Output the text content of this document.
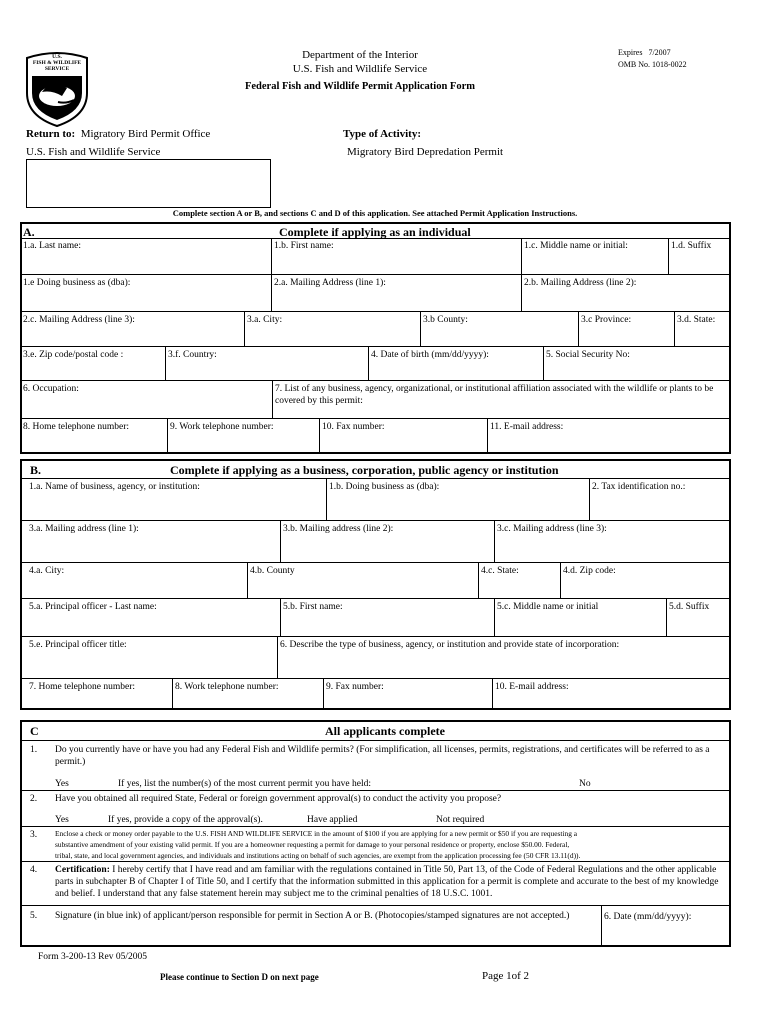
U.S.
FISH & WILDLIFE
SERVICE
Department of the Interior
U.S. Fish and Wildlife Service
Federal Fish and Wildlife Permit Application Form
Expires 7/2007
OMB No. 1018-0022
Return to: Migratory Bird Permit Office
U.S. Fish and Wildlife Service
Type of Activity:
Migratory Bird Depredation Permit
Complete section A or B, and sections C and D of this application. See attached Permit Application Instructions.
A.	Complete if applying as an individual
1.a. Last name:	1.b. First name:	1.c. Middle name or initial:	1.d. Suffix
1.e Doing business as (dba):	2.a. Mailing Address (line 1):	2.b. Mailing Address (line 2):
2.c. Mailing Address (line 3):	3.a. City:	3.b County:	3.c Province:	3.d. State:
3.e. Zip code/postal code :	3.f. Country:	4. Date of birth (mm/dd/yyyy):	5. Social Security No:
6. Occupation:	7. List of any business, agency, organizational, or institutional affiliation associated with the wildlife or plants to be covered by this permit:
8. Home telephone number:	9. Work telephone number:	10. Fax number:	11. E-mail address:
B.	Complete if applying as a business, corporation, public agency or institution
1.a. Name of business, agency, or institution:	1.b. Doing business as (dba):	2. Tax identification no.:
3.a. Mailing address (line 1):	3.b. Mailing address (line 2):	3.c. Mailing address (line 3):
4.a. City:	4.b. County	4.c. State:	4.d. Zip code:
5.a. Principal officer - Last name:	5.b. First name:	5.c. Middle name or initial	5.d. Suffix
5.e. Principal officer title:	6. Describe the type of business, agency, or institution and provide state of incorporation:
7. Home telephone number:	8. Work telephone number:	9. Fax number:	10. E-mail address:
C	All applicants complete
1. Do you currently have or have you had any Federal Fish and Wildlife permits? (For simplification, all licenses, permits, registrations, and certificates will be referred to as a permit.)
Yes	If yes, list the number(s) of the most current permit you have held:	No
2. Have you obtained all required State, Federal or foreign government approval(s) to conduct the activity you propose?
Yes	If yes, provide a copy of the approval(s).	Have applied	Not required
3. Enclose a check or money order payable to the U.S. FISH AND WILDLIFE SERVICE in the amount of $100 if you are applying for a new permit or $50 if you are requesting a
substantive amendment of your existing valid permit. If you are a homeowner requesting a permit for damage to your personal residence or property, enclose $50.00. Federal,
tribal, state, and local government agencies, and individuals and institutions acting on behalf of such agencies, are exempt from the application processing fee (50 CFR 13.11(d)).
4. Certification: I hereby certify that I have read and am familiar with the regulations contained in Title 50, Part 13, of the Code of Federal Regulations and the other applicable parts in subchapter B of Chapter I of Title 50, and I certify that the information submitted in this application for a permit is complete and accurate to the best of my knowledge and belief. I understand that any false statement herein may subject me to the criminal penalties of 18 U.S.C. 1001.
5. Signature (in blue ink) of applicant/person responsible for permit in Section A or B. (Photocopies/stamped signatures are not accepted.)	6. Date (mm/dd/yyyy):
Form 3-200-13 Rev 05/2005
Please continue to Section D on next page	Page 1of 2
